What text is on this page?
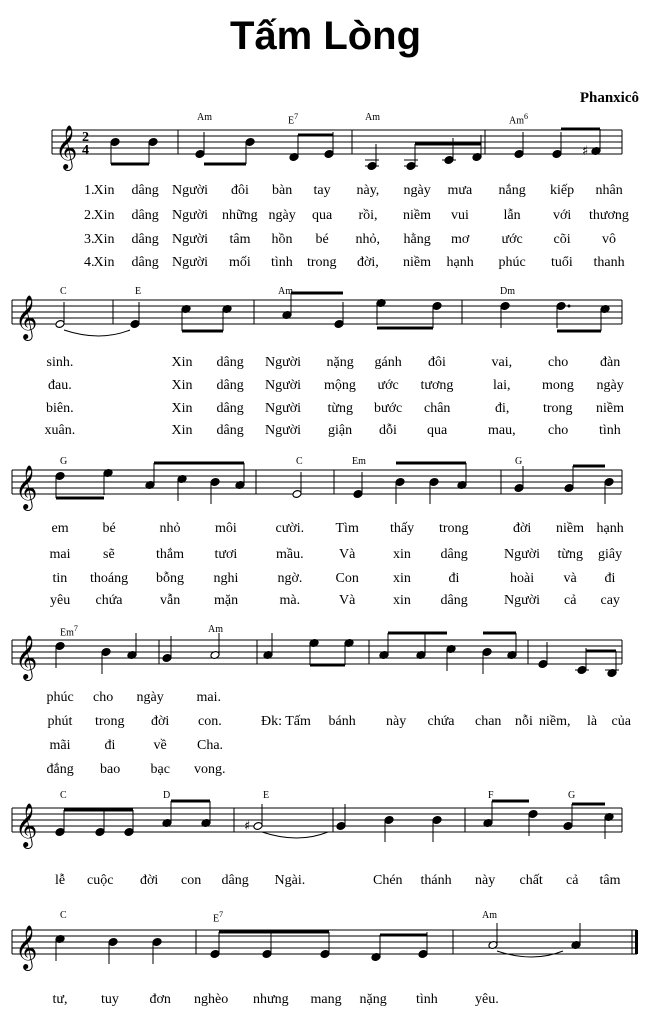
Tấm Lòng
Phanxicô
𝄞 2
4	♯
Am	$E^7$	Am	Am$^6$
1. Xin dâng Người đôi bàn tay này, ngày mưa nắng kiếp nhân
2. Xin dâng Người những ngày qua rồi, niềm vui lẫn với thương
3. Xin dâng Người tâm hồn bé nhỏ, hằng mơ ước cõi vô
4. Xin dâng Người mối tình trong đời, niềm hạnh phúc tuổi thanh
𝄞
C	E	Am	Dm
sinh.	Xin dâng Người nặng gánh đôi	vai,	cho đàn
đau.	Xin dâng Người mộng ước tương	lai, mong ngày
biên.	Xin dâng Người từng bước chân	đi, trong niềm
xuân.	Xin dâng Người giận dỗi qua	mau, cho tình
𝄞
G	C	Em	G
em bé	nhỏ môi	cười. Tìm thấy trong	đời niềm hạnh
mai sẽ	thắm tươi	mầu.	Và	xin dâng	Người từng giây
tin thoáng bỗng nghi	ngờ. Con xin	đi	hoài và đi
yêu chứa	vẫn mặn	mà.	Và	xin dâng	Người cả cay
𝄞
Em$^7$	Am
phúc cho ngày mai.
phút trong đời con.	Đk: Tấm bánh này chứa chan nỗi niềm, là của
mãi đi	về Cha.
đắng bao bạc vong.
𝄞	♯
C	D	E	F	G
lễ cuộc đời con dâng Ngài.	Chén thánh này chất cả tâm
𝄞
C	$E^7$	Am
tư, tuy đơn nghèo nhưng mang nặng tình	yêu.
